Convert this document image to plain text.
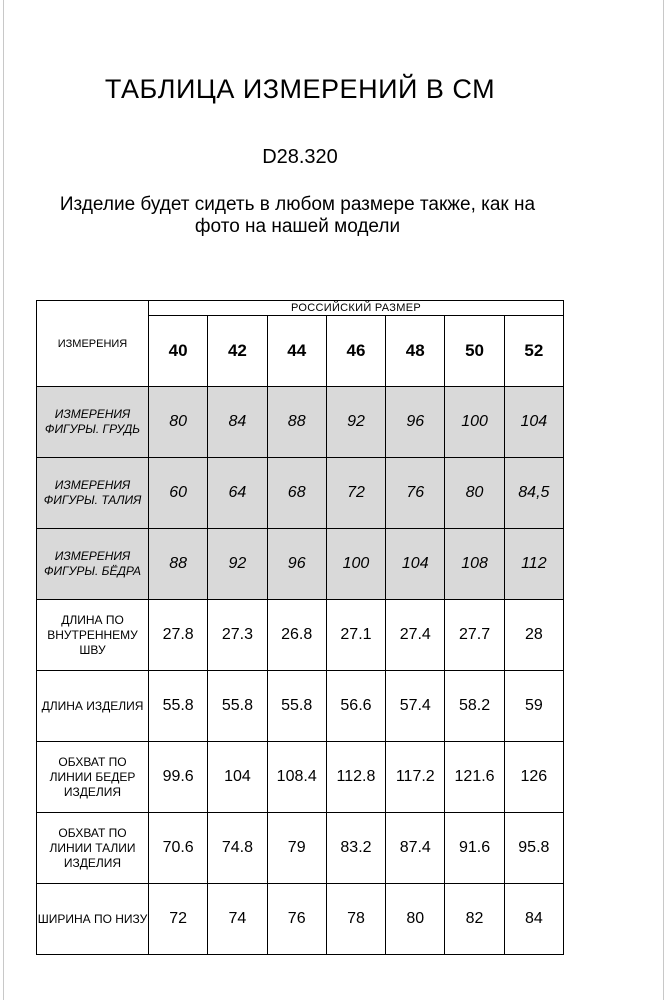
ТАБЛИЦА ИЗМЕРЕНИЙ В СМ
D28.320
Изделие будет сидеть в любом размере также, как на фото на нашей модели
ИЗМЕРЕНИЯ	РОССИЙСКИЙ РАЗМЕР						
	40	42	44	46	48	50	52
ИЗМЕРЕНИЯ ФИГУРЫ. ГРУДЬ	80	84	88	92	96	100	104
ИЗМЕРЕНИЯ ФИГУРЫ. ТАЛИЯ	60	64	68	72	76	80	84,5
ИЗМЕРЕНИЯ ФИГУРЫ. БЁДРА	88	92	96	100	104	108	112
ДЛИНА ПО ВНУТРЕННЕМУ ШВУ	27.8	27.3	26.8	27.1	27.4	27.7	28
ДЛИНА ИЗДЕЛИЯ	55.8	55.8	55.8	56.6	57.4	58.2	59
ОБХВАТ ПО ЛИНИИ БЕДЕР ИЗДЕЛИЯ	99.6	104	108.4	112.8	117.2	121.6	126
ОБХВАТ ПО ЛИНИИ ТАЛИИ ИЗДЕЛИЯ	70.6	74.8	79	83.2	87.4	91.6	95.8
ШИРИНА ПО НИЗУ	72	74	76	78	80	82	84
